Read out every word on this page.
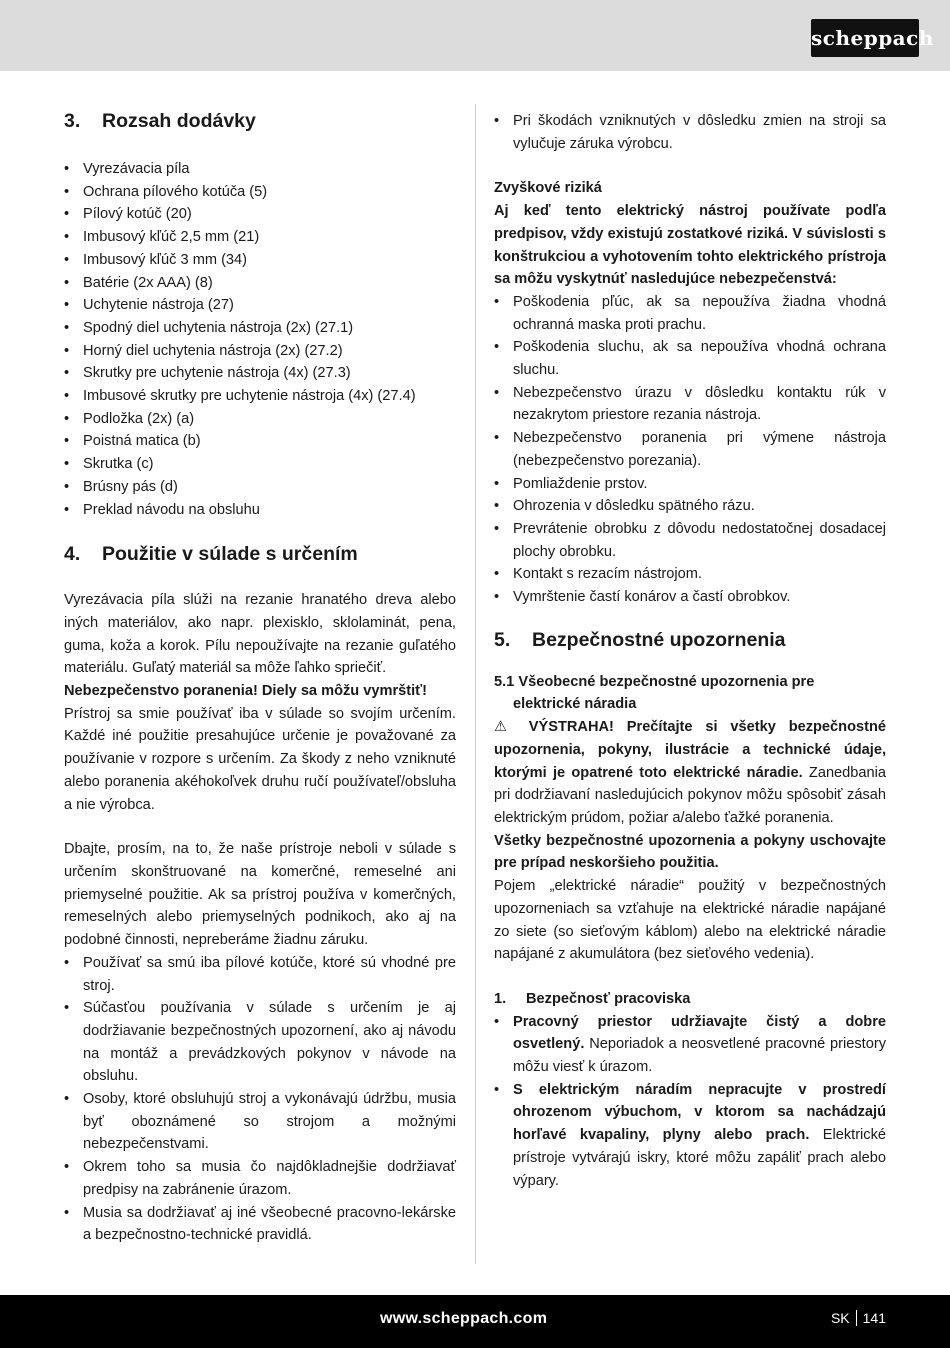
scheppach
3. Rozsah dodávky
• Vyrezávacia píla
• Ochrana pílového kotúča (5)
• Pílový kotúč (20)
• Imbusový kľúč 2,5 mm (21)
• Imbusový kľúč 3 mm (34)
• Batérie (2x AAA) (8)
• Uchytenie nástroja (27)
• Spodný diel uchytenia nástroja (2x) (27.1)
• Horný diel uchytenia nástroja (2x) (27.2)
• Skrutky pre uchytenie nástroja (4x) (27.3)
• Imbusové skrutky pre uchytenie nástroja (4x) (27.4)
• Podložka (2x) (a)
• Poistná matica (b)
• Skrutka (c)
• Brúsny pás (d)
• Preklad návodu na obsluhu
4. Použitie v súlade s určením

Vyrezávacia píla slúži na rezanie hranatého dreva alebo iných materiálov, ako napr. plexisklo, sklolaminát, pena, guma, koža a korok. Pílu nepoužívajte na rezanie guľatého materiálu. Guľatý materiál sa môže ľahko spriečiť.

Nebezpečenstvo poranenia! Diely sa môžu vymrštiť!

Prístroj sa smie používať iba v súlade so svojím určením. Každé iné použitie presahujúce určenie je považované za používanie v rozpore s určením. Za škody z neho vzniknuté alebo poranenia akéhokoľvek druhu ručí používateľ/obsluha a nie výrobca.

Dbajte, prosím, na to, že naše prístroje neboli v súlade s určením skonštruované na komerčné, remeselné ani priemyselné použitie. Ak sa prístroj používa v komerčných, remeselných alebo priemyselných podnikoch, ako aj na podobné činnosti, nepreberáme žiadnu záruku.

• Používať sa smú iba pílové kotúče, ktoré sú vhodné pre stroj.
• Súčasťou používania v súlade s určením je aj dodržiavanie bezpečnostných upozornení, ako aj návodu na montáž a prevádzkových pokynov v návode na obsluhu.
• Osoby, ktoré obsluhujú stroj a vykonávajú údržbu, musia byť oboznámené so strojom a možnými nebezpečenstvami.
• Okrem toho sa musia čo najdôkladnejšie dodržiavať predpisy na zabránenie úrazom.
• Musia sa dodržiavať aj iné všeobecné pracovno-lekárske a bezpečnostno-technické pravidlá.
• Pri škodách vzniknutých v dôsledku zmien na stroji sa vylučuje záruka výrobcu.

Zvyškové riziká

Aj keď tento elektrický nástroj používate podľa predpisov, vždy existujú zostatkové riziká. V súvislosti s konštrukciou a vyhotovením tohto elektrického prístroja sa môžu vyskytnúť nasledujúce nebezpečenstvá:

• Poškodenia pľúc, ak sa nepoužíva žiadna vhodná ochranná maska proti prachu.
• Poškodenia sluchu, ak sa nepoužíva vhodná ochrana sluchu.
• Nebezpečenstvo úrazu v dôsledku kontaktu rúk v nezakrytom priestore rezania nástroja.
• Nebezpečenstvo poranenia pri výmene nástroja (nebezpečenstvo porezania).
• Pomliaždenie prstov.
• Ohrozenia v dôsledku spätného rázu.
• Prevrátenie obrobku z dôvodu nedostatočnej dosadacej plochy obrobku.
• Kontakt s rezacím nástrojom.
• Vymrštenie častí konárov a častí obrobkov.
5. Bezpečnostné upozornenia

5.1 Všeobecné bezpečnostné upozornenia pre

elektrické náradia

⚠ VÝSTRAHA! Prečítajte si všetky bezpečnostné upozornenia, pokyny, ilustrácie a technické údaje, ktorými je opatrené toto elektrické náradie. Zanedbania pri dodržiavaní nasledujúcich pokynov môžu spôsobiť zásah elektrickým prúdom, požiar a/alebo ťažké poranenia.

Všetky bezpečnostné upozornenia a pokyny uschovajte pre prípad neskoršieho použitia.

Pojem „elektrické náradie“ použitý v bezpečnostných upozorneniach sa vzťahuje na elektrické náradie napájané zo siete (so sieťovým káblom) alebo na elektrické náradie napájané z akumulátora (bez sieťového vedenia).

1. Bezpečnosť pracoviska

• Pracovný priestor udržiavajte čistý a dobre osvetlený. Neporiadok a neosvetlené pracovné priestory môžu viesť k úrazom.
• S elektrickým náradím nepracujte v prostredí ohrozenom výbuchom, v ktorom sa nachádzajú horľavé kvapaliny, plyny alebo prach. Elektrické prístroje vytvárajú iskry, ktoré môžu zapáliť prach alebo výpary.
www.scheppach.com	SK 141
